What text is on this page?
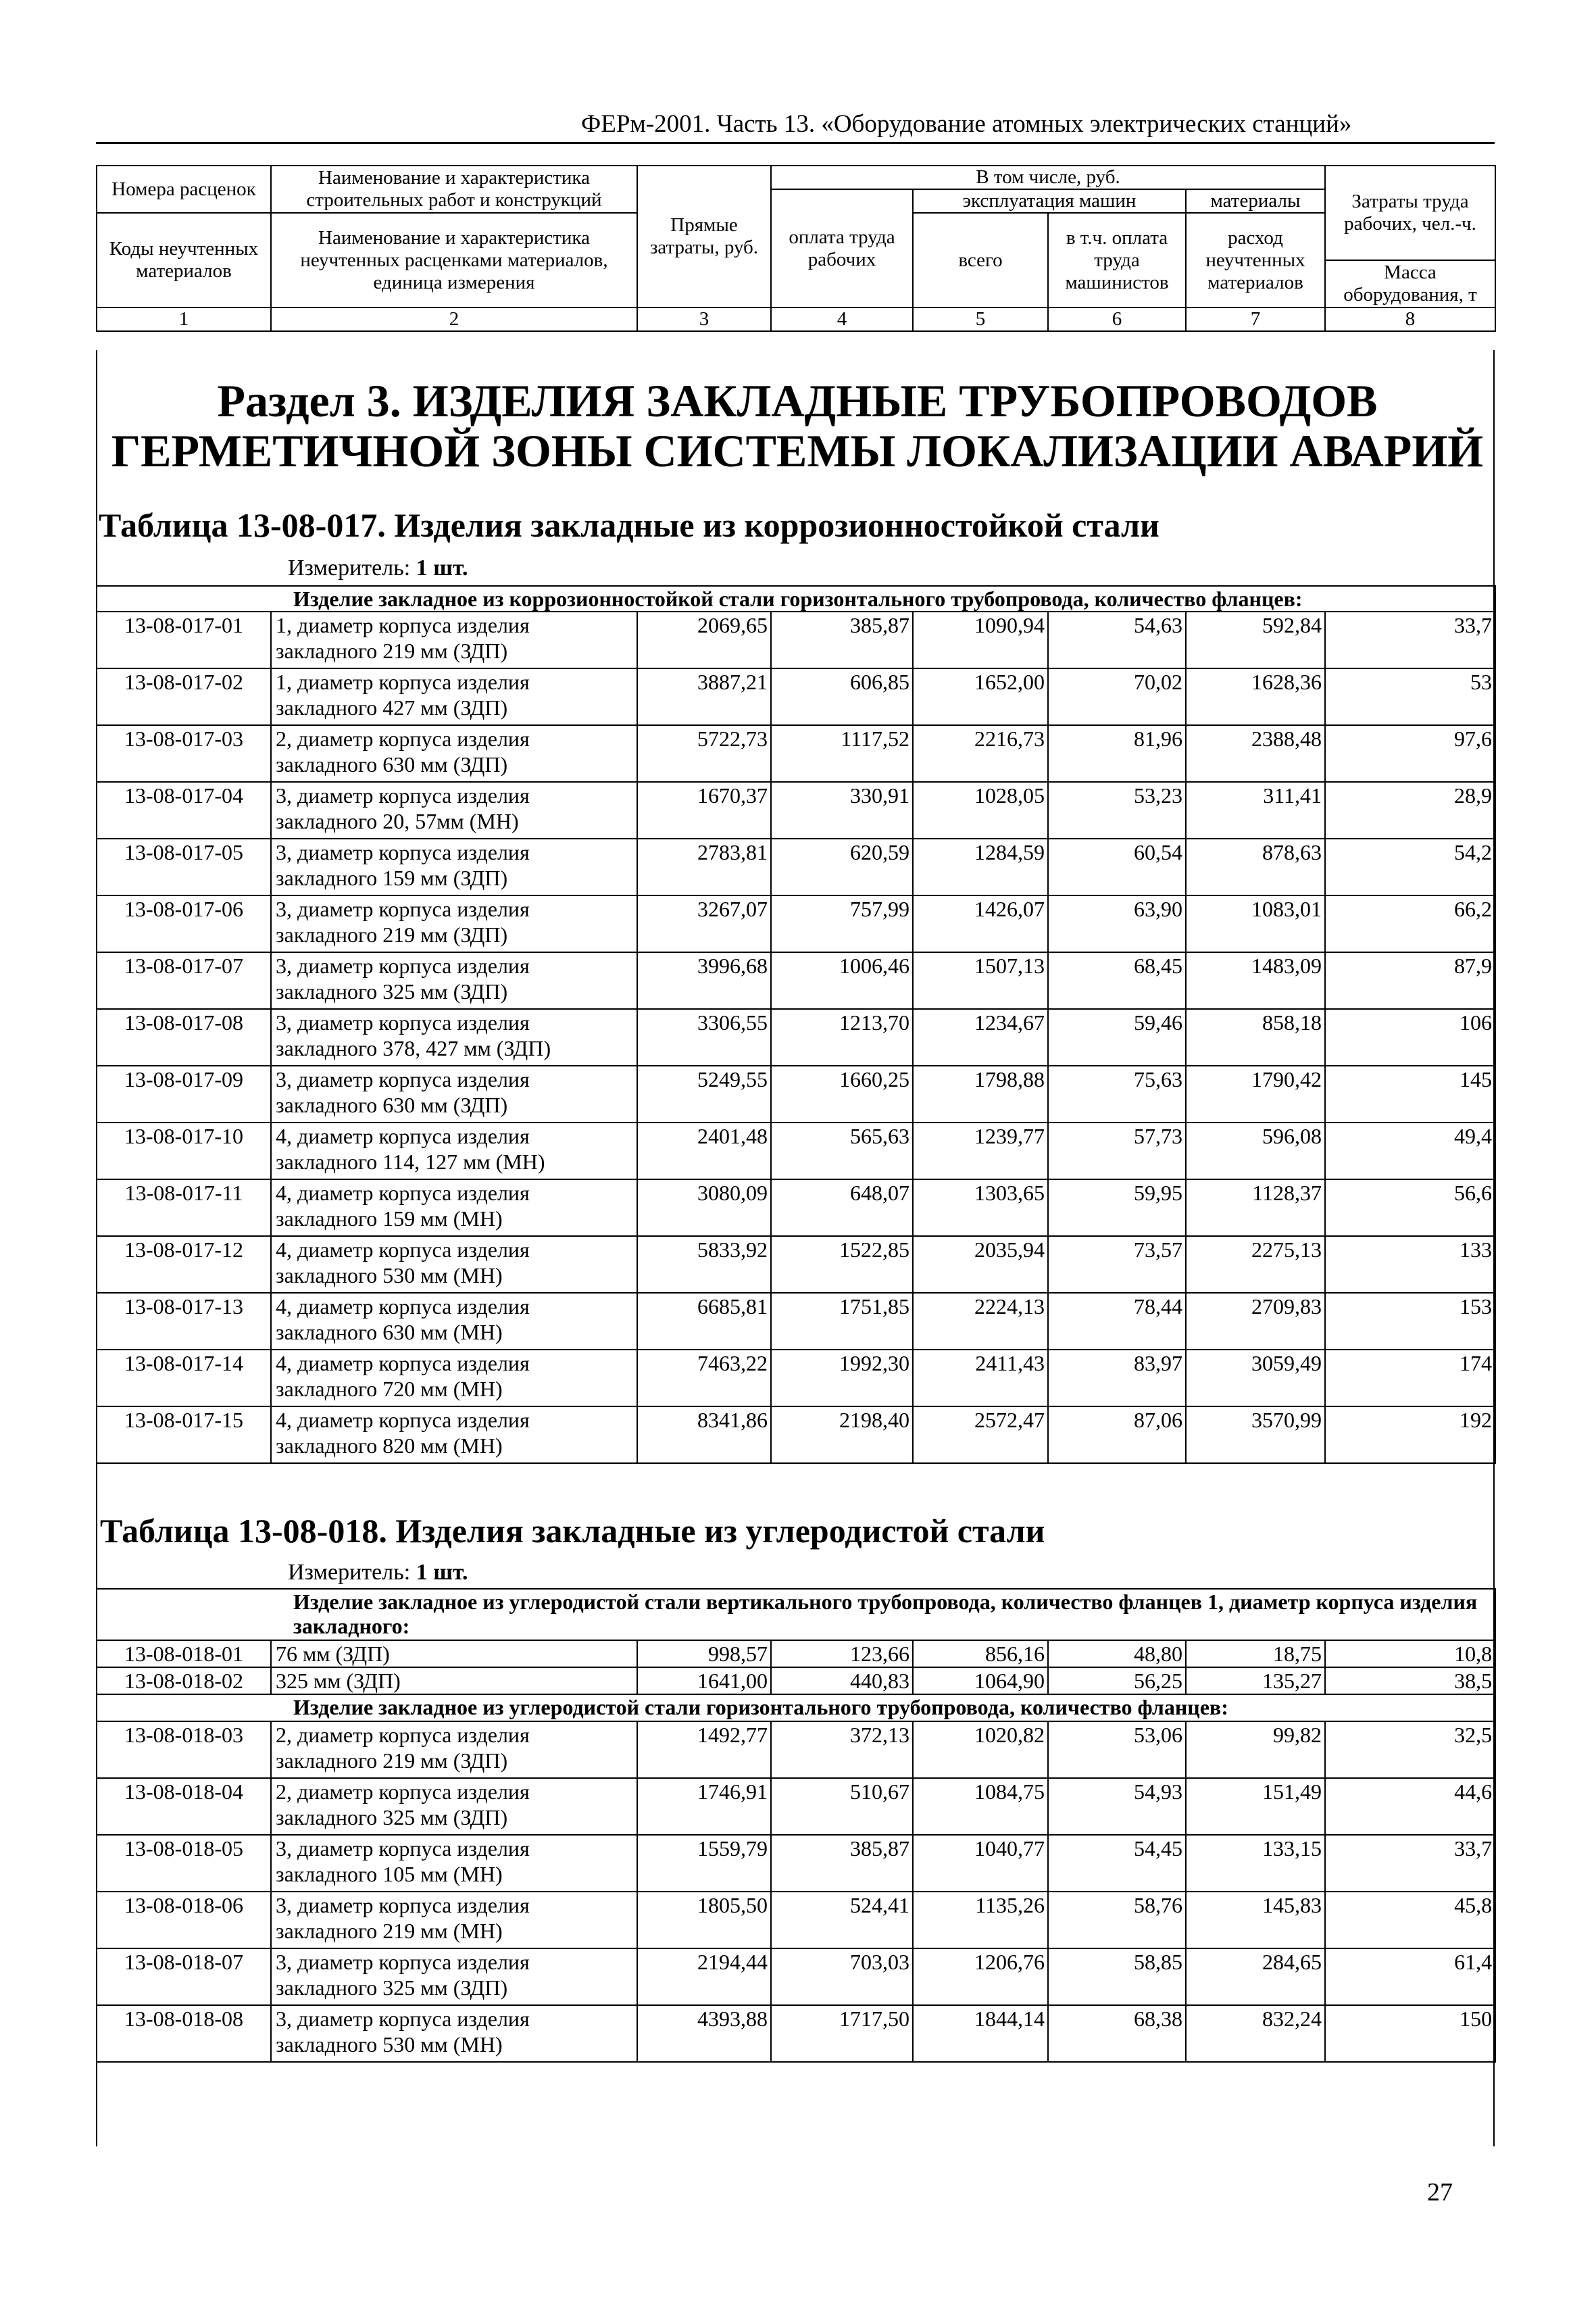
ФЕРм-2001. Часть 13. «Оборудование атомных электрических станций»
Номера расценок	Наименование и характеристика строительных работ и конструкций	Прямые затраты, руб.	В том числе, руб.				Затраты труда рабочих, чел.-ч.
			оплата труда рабочих	эксплуатация машин		материалы	
Коды неучтенных материалов	Наименование и характеристика неучтенных расценками материалов, единица измерения			всего	в т.ч. оплата труда машинистов	расход неучтенных материалов	
							Масса оборудования, т
1	2	3	4	5	6	7	8
Раздел 3. ИЗДЕЛИЯ ЗАКЛАДНЫЕ ТРУБОПРОВОДОВ ГЕРМЕТИЧНОЙ ЗОНЫ СИСТЕМЫ ЛОКАЛИЗАЦИИ АВАРИЙ
Таблица 13-08-017. Изделия закладные из коррозионностойкой стали
Измеритель: 1 шт.
Изделие закладное из коррозионностойкой стали горизонтального трубопровода, количество фланцев:							
13-08-017-01	1, диаметр корпуса изделия закладного 219 мм (ЗДП)	2069,65	385,87	1090,94	54,63	592,84	33,7
13-08-017-02	1, диаметр корпуса изделия закладного 427 мм (ЗДП)	3887,21	606,85	1652,00	70,02	1628,36	53
13-08-017-03	2, диаметр корпуса изделия закладного 630 мм (ЗДП)	5722,73	1117,52	2216,73	81,96	2388,48	97,6
13-08-017-04	3, диаметр корпуса изделия закладного 20, 57мм (МН)	1670,37	330,91	1028,05	53,23	311,41	28,9
13-08-017-05	3, диаметр корпуса изделия закладного 159 мм (ЗДП)	2783,81	620,59	1284,59	60,54	878,63	54,2
13-08-017-06	3, диаметр корпуса изделия закладного 219 мм (ЗДП)	3267,07	757,99	1426,07	63,90	1083,01	66,2
13-08-017-07	3, диаметр корпуса изделия закладного 325 мм (ЗДП)	3996,68	1006,46	1507,13	68,45	1483,09	87,9
13-08-017-08	3, диаметр корпуса изделия закладного 378, 427 мм (ЗДП)	3306,55	1213,70	1234,67	59,46	858,18	106
13-08-017-09	3, диаметр корпуса изделия закладного 630 мм (ЗДП)	5249,55	1660,25	1798,88	75,63	1790,42	145
13-08-017-10	4, диаметр корпуса изделия закладного 114, 127 мм (МН)	2401,48	565,63	1239,77	57,73	596,08	49,4
13-08-017-11	4, диаметр корпуса изделия закладного 159 мм (МН)	3080,09	648,07	1303,65	59,95	1128,37	56,6
13-08-017-12	4, диаметр корпуса изделия закладного 530 мм (МН)	5833,92	1522,85	2035,94	73,57	2275,13	133
13-08-017-13	4, диаметр корпуса изделия закладного 630 мм (МН)	6685,81	1751,85	2224,13	78,44	2709,83	153
13-08-017-14	4, диаметр корпуса изделия закладного 720 мм (МН)	7463,22	1992,30	2411,43	83,97	3059,49	174
13-08-017-15	4, диаметр корпуса изделия закладного 820 мм (МН)	8341,86	2198,40	2572,47	87,06	3570,99	192
Таблица 13-08-018. Изделия закладные из углеродистой стали
Измеритель: 1 шт.
Изделие закладное из углеродистой стали вертикального трубопровода, количество фланцев 1, диаметр корпуса изделия закладного:							
13-08-018-01	76 мм (ЗДП)	998,57	123,66	856,16	48,80	18,75	10,8
13-08-018-02	325 мм (ЗДП)	1641,00	440,83	1064,90	56,25	135,27	38,5
Изделие закладное из углеродистой стали горизонтального трубопровода, количество фланцев:							
13-08-018-03	2, диаметр корпуса изделия закладного 219 мм (ЗДП)	1492,77	372,13	1020,82	53,06	99,82	32,5
13-08-018-04	2, диаметр корпуса изделия закладного 325 мм (ЗДП)	1746,91	510,67	1084,75	54,93	151,49	44,6
13-08-018-05	3, диаметр корпуса изделия закладного 105 мм (МН)	1559,79	385,87	1040,77	54,45	133,15	33,7
13-08-018-06	3, диаметр корпуса изделия закладного 219 мм (МН)	1805,50	524,41	1135,26	58,76	145,83	45,8
13-08-018-07	3, диаметр корпуса изделия закладного 325 мм (ЗДП)	2194,44	703,03	1206,76	58,85	284,65	61,4
13-08-018-08	3, диаметр корпуса изделия закладного 530 мм (МН)	4393,88	1717,50	1844,14	68,38	832,24	150
27
